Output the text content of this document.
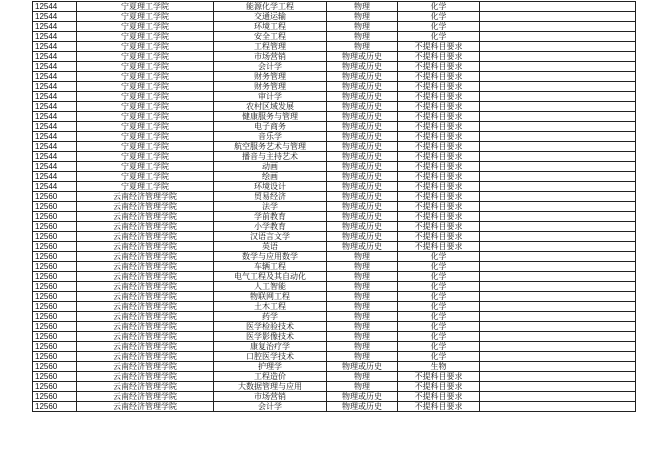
12544	宁夏理工学院	能源化学工程	物理	化学	
12544	宁夏理工学院	交通运输	物理	化学	
12544	宁夏理工学院	环境工程	物理	化学	
12544	宁夏理工学院	安全工程	物理	化学	
12544	宁夏理工学院	工程管理	物理	不提科目要求	
12544	宁夏理工学院	市场营销	物理或历史	不提科目要求	
12544	宁夏理工学院	会计学	物理或历史	不提科目要求	
12544	宁夏理工学院	财务管理	物理或历史	不提科目要求	
12544	宁夏理工学院	财务管理	物理或历史	不提科目要求	
12544	宁夏理工学院	审计学	物理或历史	不提科目要求	
12544	宁夏理工学院	农村区域发展	物理或历史	不提科目要求	
12544	宁夏理工学院	健康服务与管理	物理或历史	不提科目要求	
12544	宁夏理工学院	电子商务	物理或历史	不提科目要求	
12544	宁夏理工学院	音乐学	物理或历史	不提科目要求	
12544	宁夏理工学院	航空服务艺术与管理	物理或历史	不提科目要求	
12544	宁夏理工学院	播音与主持艺术	物理或历史	不提科目要求	
12544	宁夏理工学院	动画	物理或历史	不提科目要求	
12544	宁夏理工学院	绘画	物理或历史	不提科目要求	
12544	宁夏理工学院	环境设计	物理或历史	不提科目要求	
12560	云南经济管理学院	贸易经济	物理或历史	不提科目要求	
12560	云南经济管理学院	法学	物理或历史	不提科目要求	
12560	云南经济管理学院	学前教育	物理或历史	不提科目要求	
12560	云南经济管理学院	小学教育	物理或历史	不提科目要求	
12560	云南经济管理学院	汉语言文学	物理或历史	不提科目要求	
12560	云南经济管理学院	英语	物理或历史	不提科目要求	
12560	云南经济管理学院	数学与应用数学	物理	化学	
12560	云南经济管理学院	车辆工程	物理	化学	
12560	云南经济管理学院	电气工程及其自动化	物理	化学	
12560	云南经济管理学院	人工智能	物理	化学	
12560	云南经济管理学院	物联网工程	物理	化学	
12560	云南经济管理学院	土木工程	物理	化学	
12560	云南经济管理学院	药学	物理	化学	
12560	云南经济管理学院	医学检验技术	物理	化学	
12560	云南经济管理学院	医学影像技术	物理	化学	
12560	云南经济管理学院	康复治疗学	物理	化学	
12560	云南经济管理学院	口腔医学技术	物理	化学	
12560	云南经济管理学院	护理学	物理或历史	生物	
12560	云南经济管理学院	工程造价	物理	不提科目要求	
12560	云南经济管理学院	大数据管理与应用	物理	不提科目要求	
12560	云南经济管理学院	市场营销	物理或历史	不提科目要求	
12560	云南经济管理学院	会计学	物理或历史	不提科目要求	
